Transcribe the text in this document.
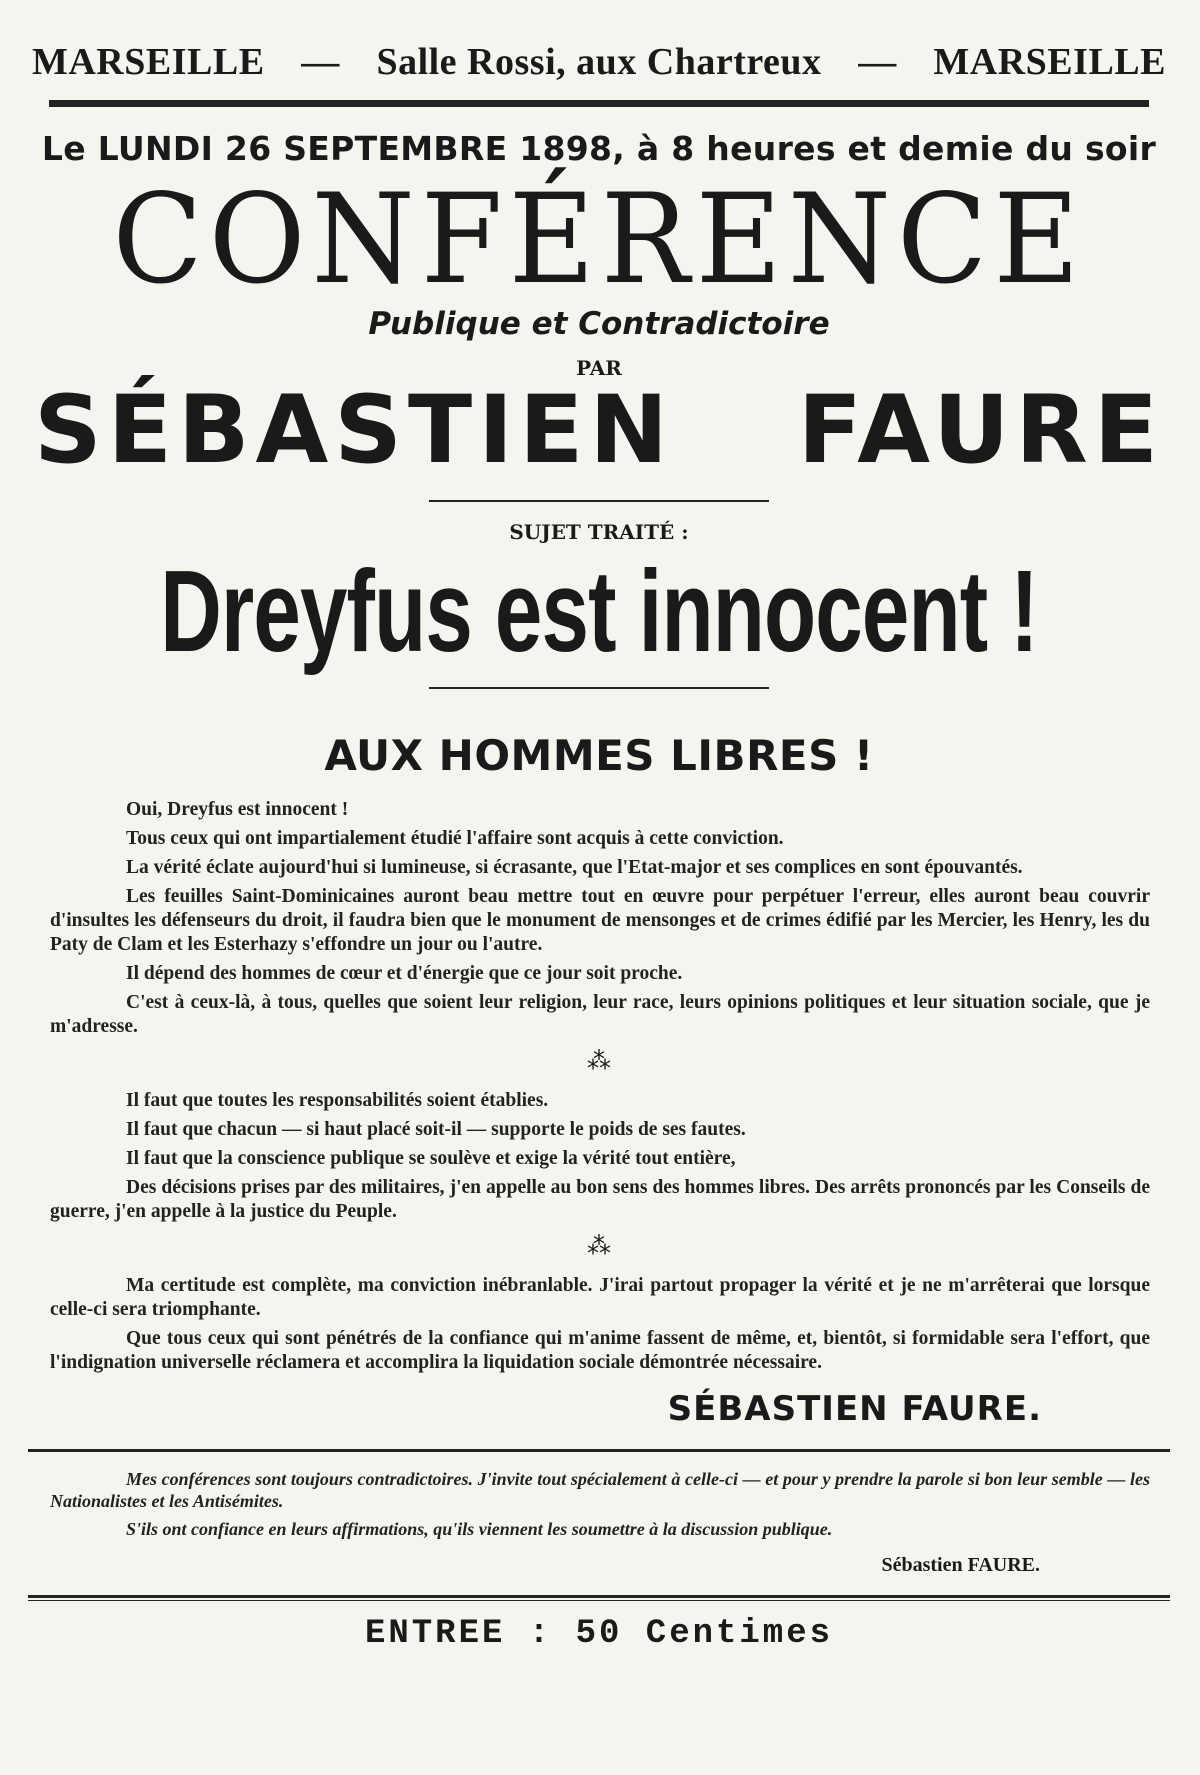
MARSEILLE — Salle Rossi, aux Chartreux — MARSEILLE
Le LUNDI 26 SEPTEMBRE 1898, à 8 heures et demie du soir
CONFÉRENCE
Publique et Contradictoire
PAR
SÉBASTIEN FAURE
SUJET TRAITÉ :
Dreyfus est innocent !
AUX HOMMES LIBRES !

Oui, Dreyfus est innocent !

Tous ceux qui ont impartialement étudié l'affaire sont acquis à cette conviction.

La vérité éclate aujourd'hui si lumineuse, si écrasante, que l'Etat-major et ses complices en sont épouvantés.

Les feuilles Saint-Dominicaines auront beau mettre tout en œuvre pour perpétuer l'erreur, elles auront beau couvrir d'insultes les défenseurs du droit, il faudra bien que le monument de mensonges et de crimes édifié par les Mercier, les Henry, les du Paty de Clam et les Esterhazy s'effondre un jour ou l'autre.

Il dépend des hommes de cœur et d'énergie que ce jour soit proche.

C'est à ceux-là, à tous, quelles que soient leur religion, leur race, leurs opinions politiques et leur situation sociale, que je m'adresse.

⁂

Il faut que toutes les responsabilités soient établies.

Il faut que chacun — si haut placé soit-il — supporte le poids de ses fautes.

Il faut que la conscience publique se soulève et exige la vérité tout entière,

Des décisions prises par des militaires, j'en appelle au bon sens des hommes libres. Des arrêts prononcés par les Conseils de guerre, j'en appelle à la justice du Peuple.

⁂

Ma certitude est complète, ma conviction inébranlable. J'irai partout propager la vérité et je ne m'arrêterai que lorsque celle-ci sera triomphante.

Que tous ceux qui sont pénétrés de la confiance qui m'anime fassent de même, et, bientôt, si formidable sera l'effort, que l'indignation universelle réclamera et accomplira la liquidation sociale démontrée nécessaire.

SÉBASTIEN FAURE.

Mes conférences sont toujours contradictoires. J'invite tout spécialement à celle-ci — et pour y prendre la parole si bon leur semble — les Nationalistes et les Antisémites.

S'ils ont confiance en leurs affirmations, qu'ils viennent les soumettre à la discussion publique.

Sébastien FAURE.
ENTREE : 50 Centimes
